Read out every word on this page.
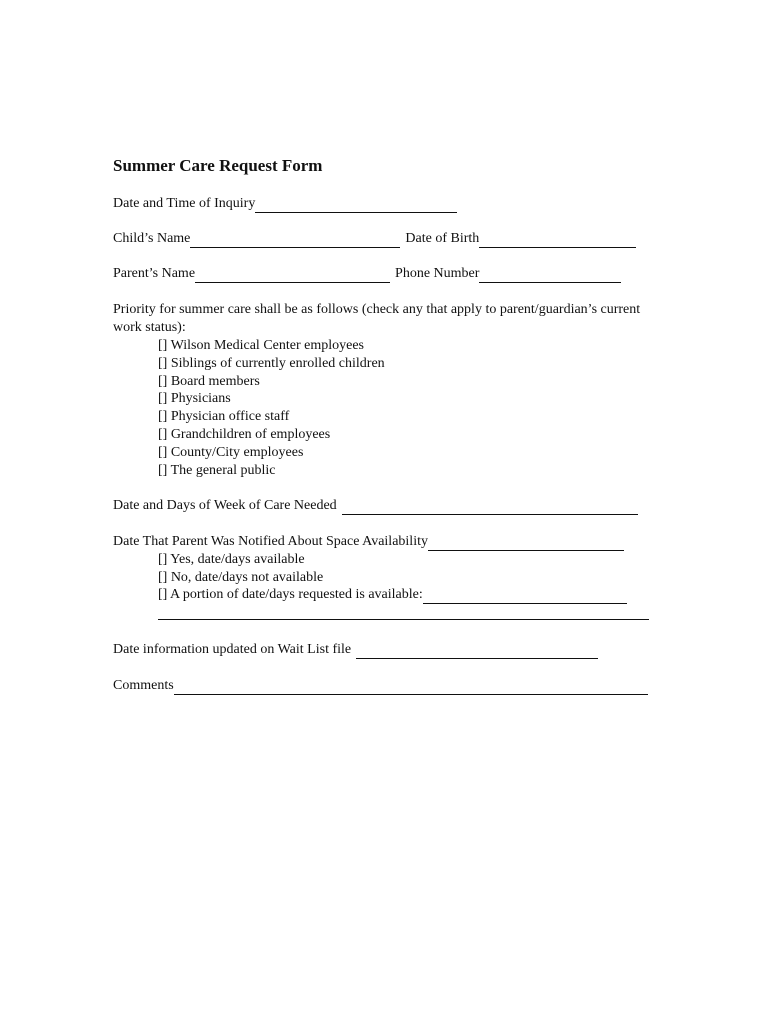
Summer Care Request Form
Date and Time of Inquiry
Child’s Name	Date of Birth
Parent’s Name	Phone Number
Priority for summer care shall be as follows (check any that apply to parent/guardian’s current work status):
[] Wilson Medical Center employees
[] Siblings of currently enrolled children
[] Board members
[] Physicians
[] Physician office staff
[] Grandchildren of employees
[] County/City employees
[] The general public
Date and Days of Week of Care Needed
Date That Parent Was Notified About Space Availability
[] Yes, date/days available
[] No, date/days not available
[] A portion of date/days requested is available:
Date information updated on Wait List file
Comments
